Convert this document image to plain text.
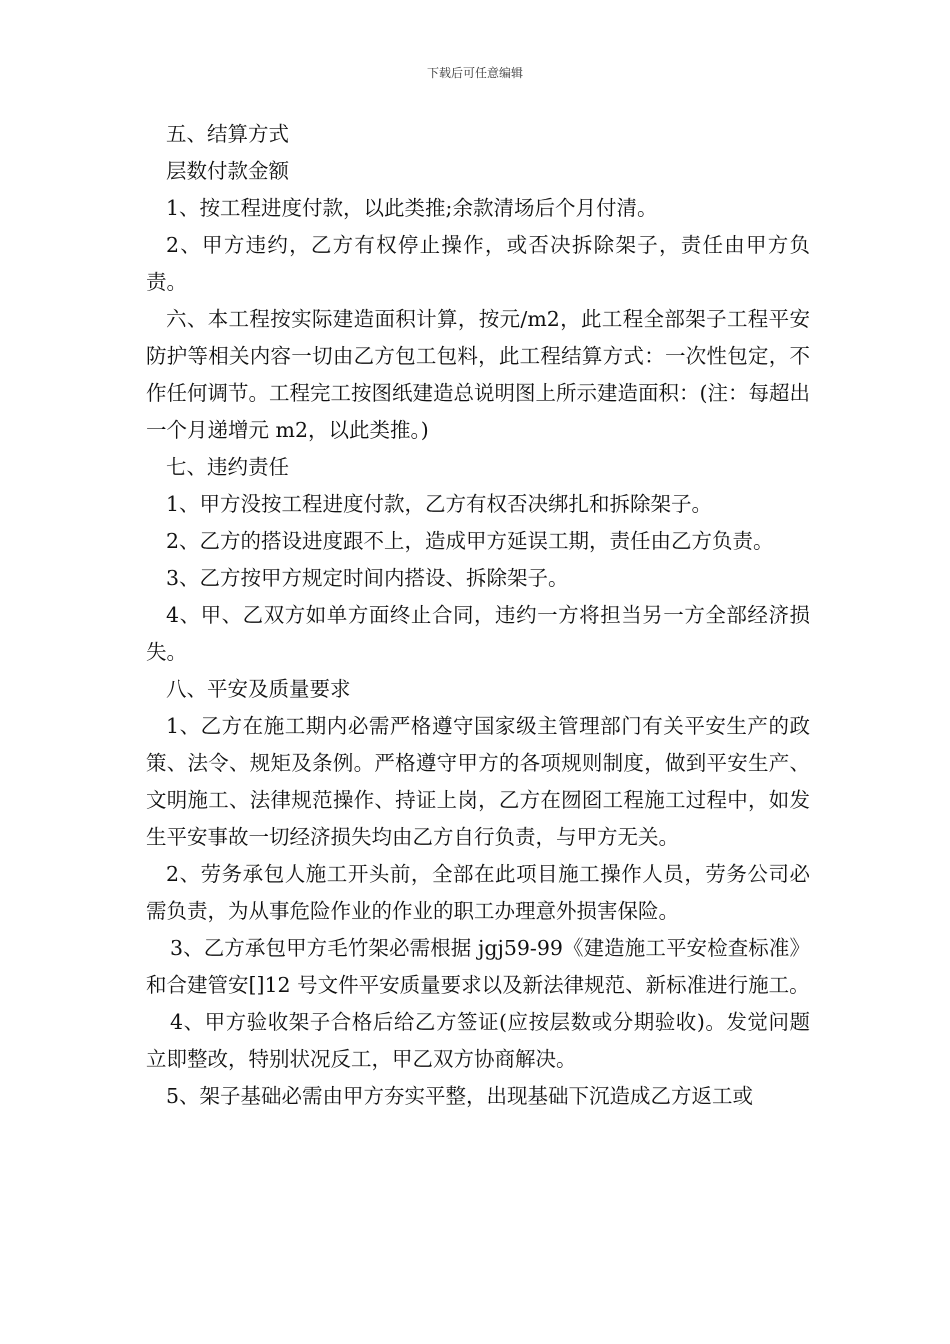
下载后可任意编辑

五、结算方式

层数付款金额

1、按工程进度付款，以此类推;余款清场后个月付清。

2、甲方违约，乙方有权停止操作，或否决拆除架子，责任由甲方负责。

六、本工程按实际建造面积计算，按元/m2，此工程全部架子工程平安防护等相关内容一切由乙方包工包料，此工程结算方式：一次性包定，不作任何调节。工程完工按图纸建造总说明图上所示建造面积：(注：每超出一个月递增元 m2，以此类推。)

七、违约责任

1、甲方没按工程进度付款，乙方有权否决绑扎和拆除架子。

2、乙方的搭设进度跟不上，造成甲方延误工期，责任由乙方负责。

3、乙方按甲方规定时间内搭设、拆除架子。

4、甲、乙双方如单方面终止合同，违约一方将担当另一方全部经济损失。

八、平安及质量要求

1、乙方在施工期内必需严格遵守国家级主管理部门有关平安生产的政策、法令、规矩及条例。严格遵守甲方的各项规则制度，做到平安生产、文明施工、法律规范操作、持证上岗，乙方在囫囵工程施工过程中，如发生平安事故一切经济损失均由乙方自行负责，与甲方无关。

2、劳务承包人施工开头前，全部在此项目施工操作人员，劳务公司必需负责，为从事危险作业的作业的职工办理意外损害保险。

3、乙方承包甲方毛竹架必需根据 jgj59-99《建造施工平安检查标准》和合建管安[]12 号文件平安质量要求以及新法律规范、新标准进行施工。

4、甲方验收架子合格后给乙方签证(应按层数或分期验收)。发觉问题立即整改，特别状况反工，甲乙双方协商解决。

5、架子基础必需由甲方夯实平整，出现基础下沉造成乙方返工或
